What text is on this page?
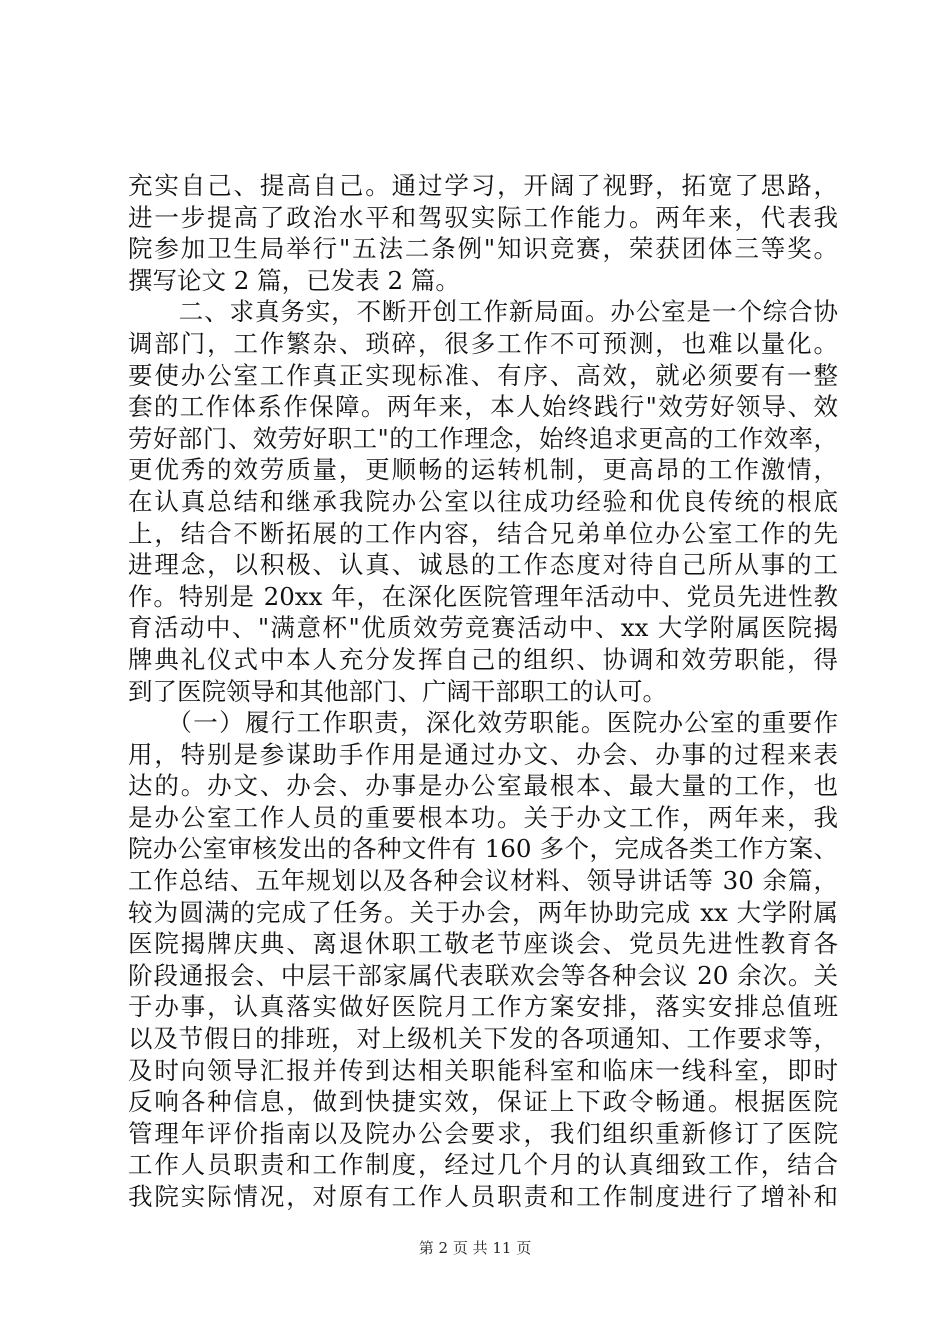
充实自己、提高自己。通过学习，开阔了视野，拓宽了思路，
进一步提高了政治水平和驾驭实际工作能力。两年来，代表我
院参加卫生局举行"五法二条例"知识竞赛，荣获团体三等奖。
撰写论文 2 篇，已发表 2 篇。
　　二、求真务实，不断开创工作新局面。办公室是一个综合协
调部门，工作繁杂、琐碎，很多工作不可预测，也难以量化。
要使办公室工作真正实现标准、有序、高效，就必须要有一整
套的工作体系作保障。两年来，本人始终践行"效劳好领导、效
劳好部门、效劳好职工"的工作理念，始终追求更高的工作效率，
更优秀的效劳质量，更顺畅的运转机制，更高昂的工作激情，
在认真总结和继承我院办公室以往成功经验和优良传统的根底
上，结合不断拓展的工作内容，结合兄弟单位办公室工作的先
进理念，以积极、认真、诚恳的工作态度对待自己所从事的工
作。特别是 20xx 年，在深化医院管理年活动中、党员先进性教
育活动中、"满意杯"优质效劳竞赛活动中、xx 大学附属医院揭
牌典礼仪式中本人充分发挥自己的组织、协调和效劳职能，得
到了医院领导和其他部门、广阔干部职工的认可。
　　（一）履行工作职责，深化效劳职能。医院办公室的重要作
用，特别是参谋助手作用是通过办文、办会、办事的过程来表
达的。办文、办会、办事是办公室最根本、最大量的工作，也
是办公室工作人员的重要根本功。关于办文工作，两年来，我
院办公室审核发出的各种文件有 160 多个，完成各类工作方案、
工作总结、五年规划以及各种会议材料、领导讲话等 30 余篇，
较为圆满的完成了任务。关于办会，两年协助完成 xx 大学附属
医院揭牌庆典、离退休职工敬老节座谈会、党员先进性教育各
阶段通报会、中层干部家属代表联欢会等各种会议 20 余次。关
于办事，认真落实做好医院月工作方案安排，落实安排总值班
以及节假日的排班，对上级机关下发的各项通知、工作要求等，
及时向领导汇报并传到达相关职能科室和临床一线科室，即时
反响各种信息，做到快捷实效，保证上下政令畅通。根据医院
管理年评价指南以及院办公会要求，我们组织重新修订了医院
工作人员职责和工作制度，经过几个月的认真细致工作，结合
我院实际情况，对原有工作人员职责和工作制度进行了增补和
第 2 页 共 11 页
